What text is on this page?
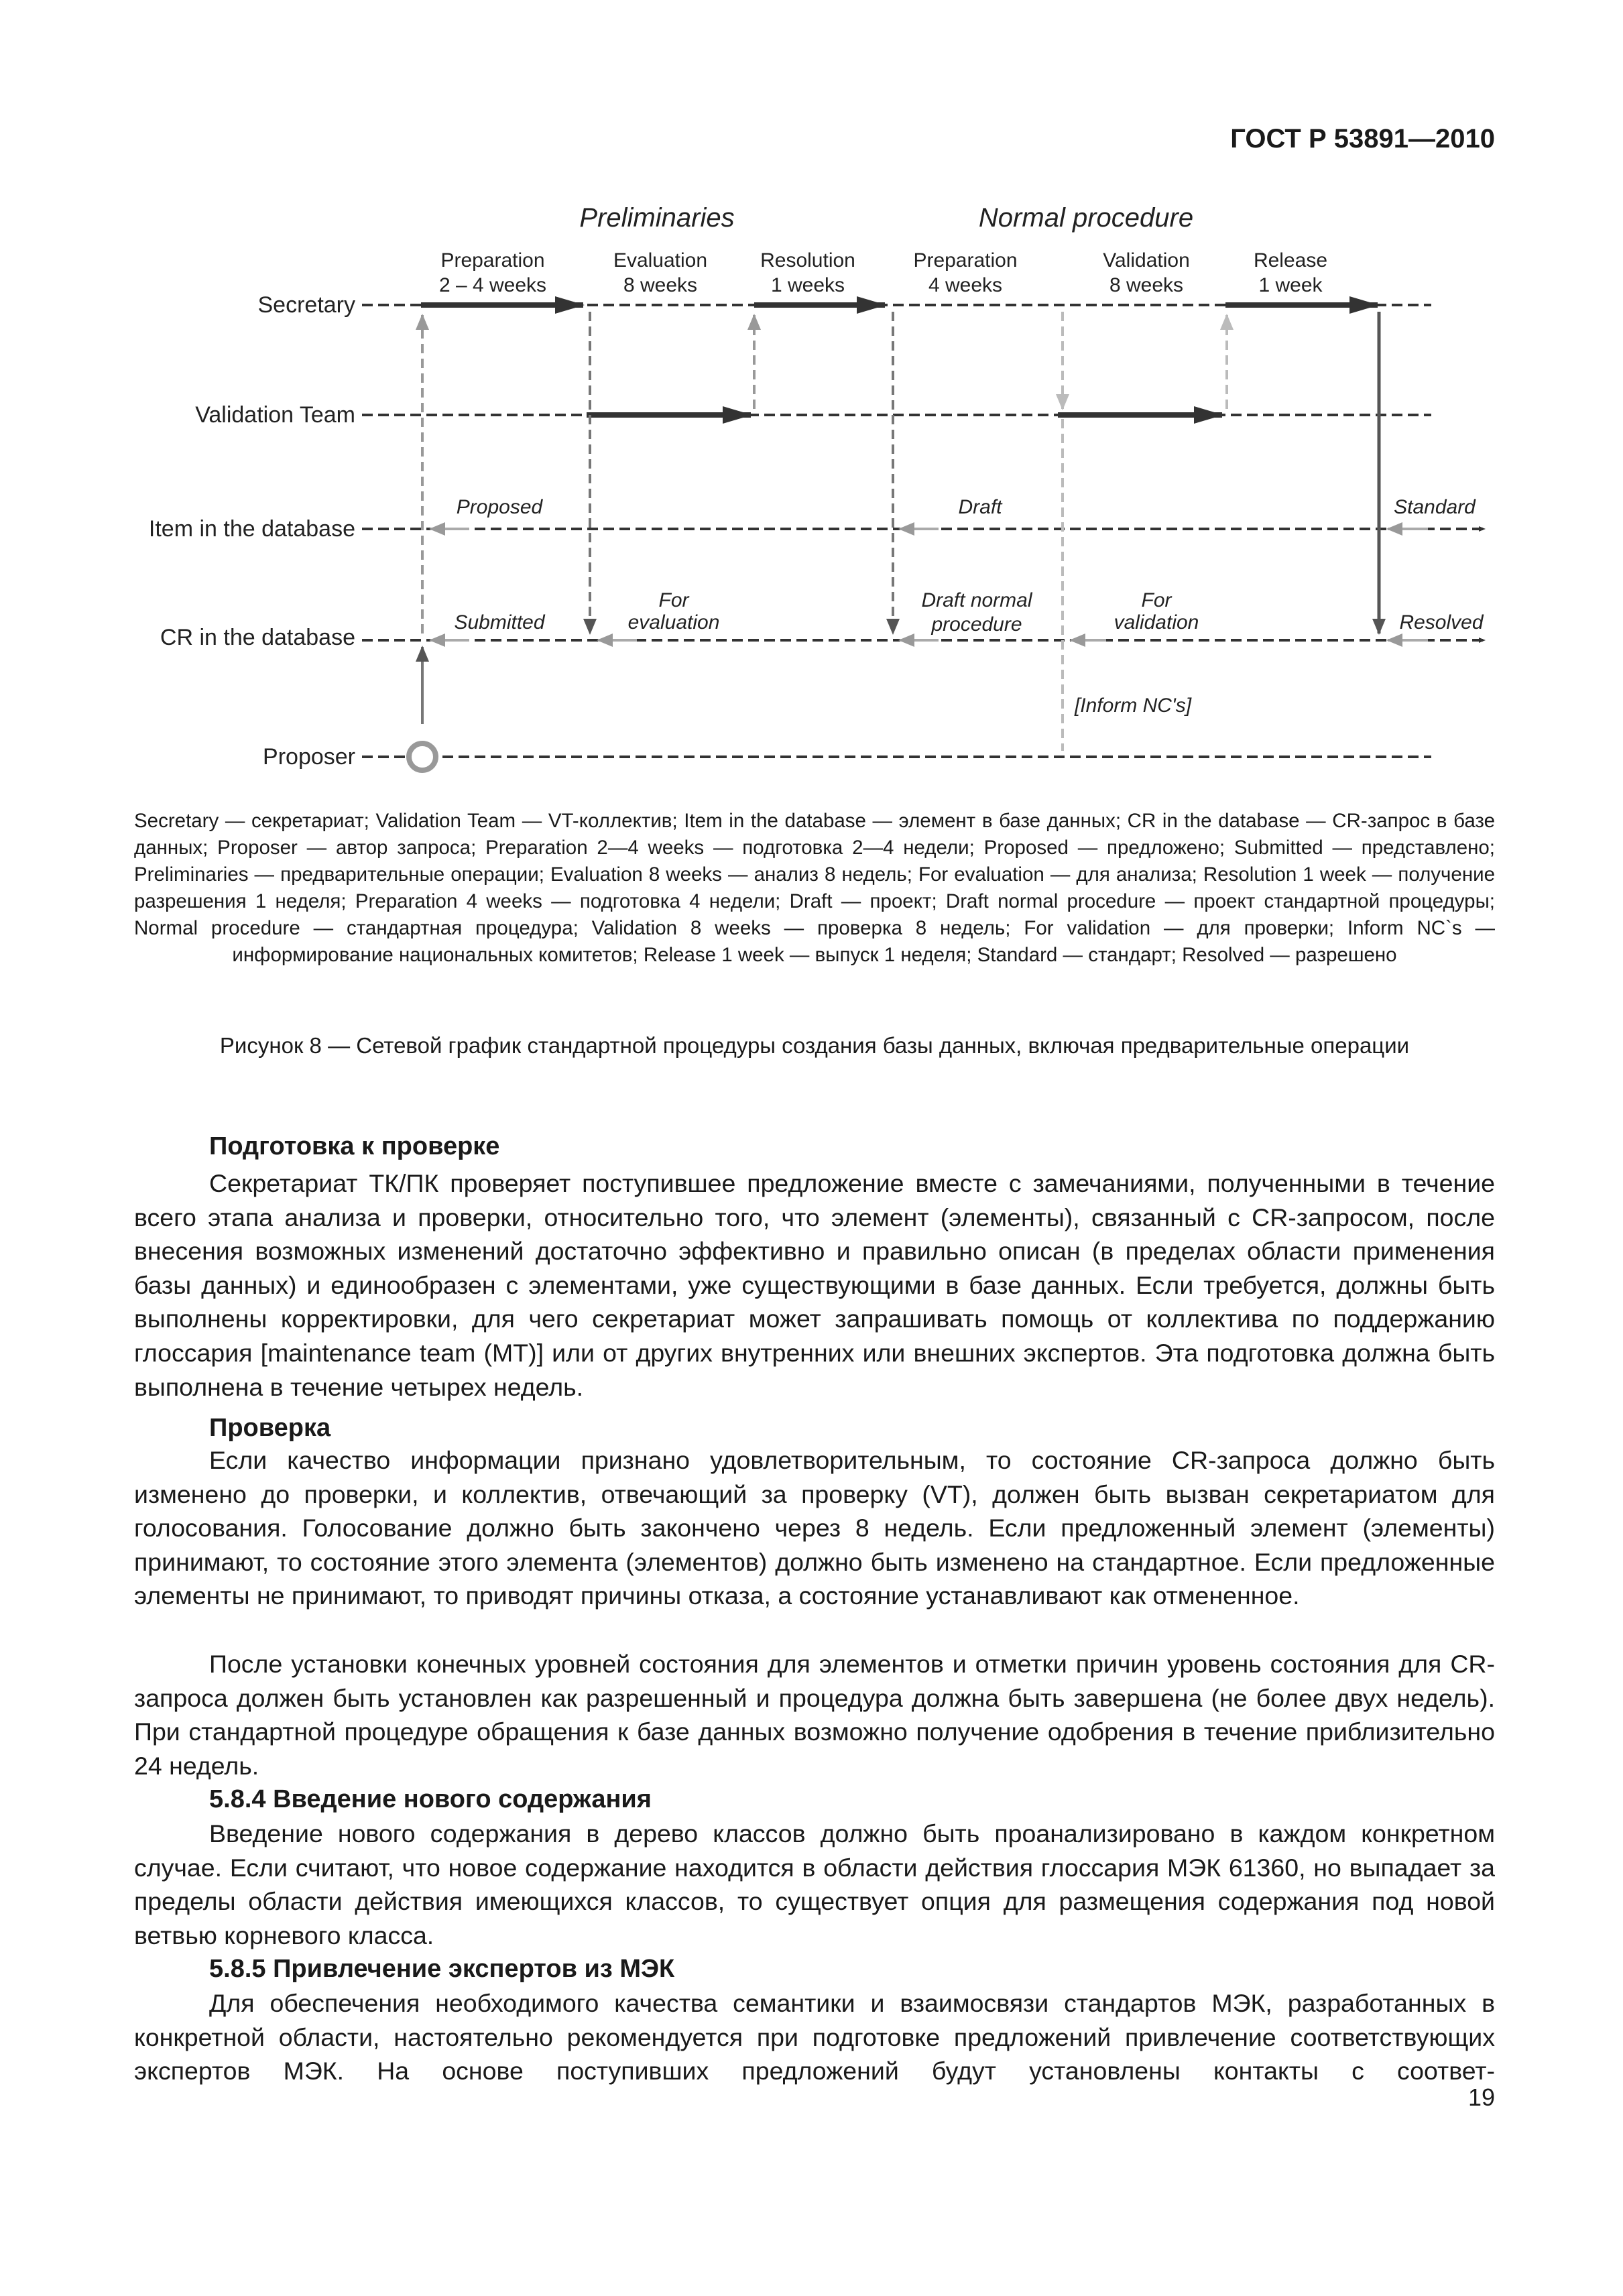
ГОСТ Р 53891—2010
Preliminaries	Normal procedure
Preparation
2 – 4 weeks
Evaluation
8 weeks
Resolution
1 weeks
Preparation
4 weeks
Validation
8 weeks
Release
1 week
Secretary
Validation Team
Item in the database
CR in the database
Proposer
Proposed	Draft	Standard
Submitted
For
evaluation
Draft normal
procedure
For
validation	Resolved
[Inform NC's]
Secretary — секретариат; Validation Team — VT-коллектив; Item in the database — элемент в базе данных; CR in the database — CR-запрос в базе данных; Proposer — автор запроса; Preparation 2—4 weeks — подготовка 2—4 недели; Proposed — предложено; Submitted — представлено; Preliminaries — предварительные операции; Evaluation 8 weeks — анализ 8 недель; For evaluation — для анализа; Resolution 1 week — получение разрешения 1 неделя; Preparation 4 weeks — подготовка 4 недели; Draft — проект; Draft normal procedure — проект стандартной процедуры; Normal procedure — стандартная процедура; Validation 8 weeks — проверка 8 недель; For validation — для проверки; Inform NC`s — информирование национальных комитетов; Release 1 week — выпуск 1 неделя; Standard — стандарт; Resolved — разрешено
Рисунок 8 — Сетевой график стандартной процедуры создания базы данных, включая предварительные операции
Подготовка к проверке
Секретариат ТК/ПК проверяет поступившее предложение вместе с замечаниями, полученными в течение всего этапа анализа и проверки, относительно того, что элемент (элементы), связанный с CR-запросом, после внесения возможных изменений достаточно эффективно и правильно описан (в пределах области применения базы данных) и единообразен с элементами, уже существующими в базе данных. Если требуется, должны быть выполнены корректировки, для чего секретариат может запрашивать помощь от коллектива по поддержанию глоссария [maintenance team (MT)] или от других внутренних или внешних экспертов. Эта подготовка должна быть выполнена в течение четырех недель.
Проверка
Если качество информации признано удовлетворительным, то состояние CR-запроса должно быть изменено до проверки, и коллектив, отвечающий за проверку (VT), должен быть вызван секретариатом для голосования. Голосование должно быть закончено через 8 недель. Если предложенный элемент (элементы) принимают, то состояние этого элемента (элементов) должно быть изменено на стандартное. Если предложенные элементы не принимают, то приводят причины отказа, а состояние устанавливают как отмененное.
После установки конечных уровней состояния для элементов и отметки причин уровень состояния для CR-запроса должен быть установлен как разрешенный и процедура должна быть завершена (не более двух недель). При стандартной процедуре обращения к базе данных возможно получение одобрения в течение приблизительно 24 недель.
5.8.4 Введение нового содержания
Введение нового содержания в дерево классов должно быть проанализировано в каждом конкретном случае. Если считают, что новое содержание находится в области действия глоссария МЭК 61360, но выпадает за пределы области действия имеющихся классов, то существует опция для размещения содержания под новой ветвью корневого класса.
5.8.5 Привлечение экспертов из МЭК
Для обеспечения необходимого качества семантики и взаимосвязи стандартов МЭК, разработанных в конкретной области, настоятельно рекомендуется при подготовке предложений привлечение соответствующих экспертов МЭК. На основе поступивших предложений будут установлены контакты с соответ-
19
